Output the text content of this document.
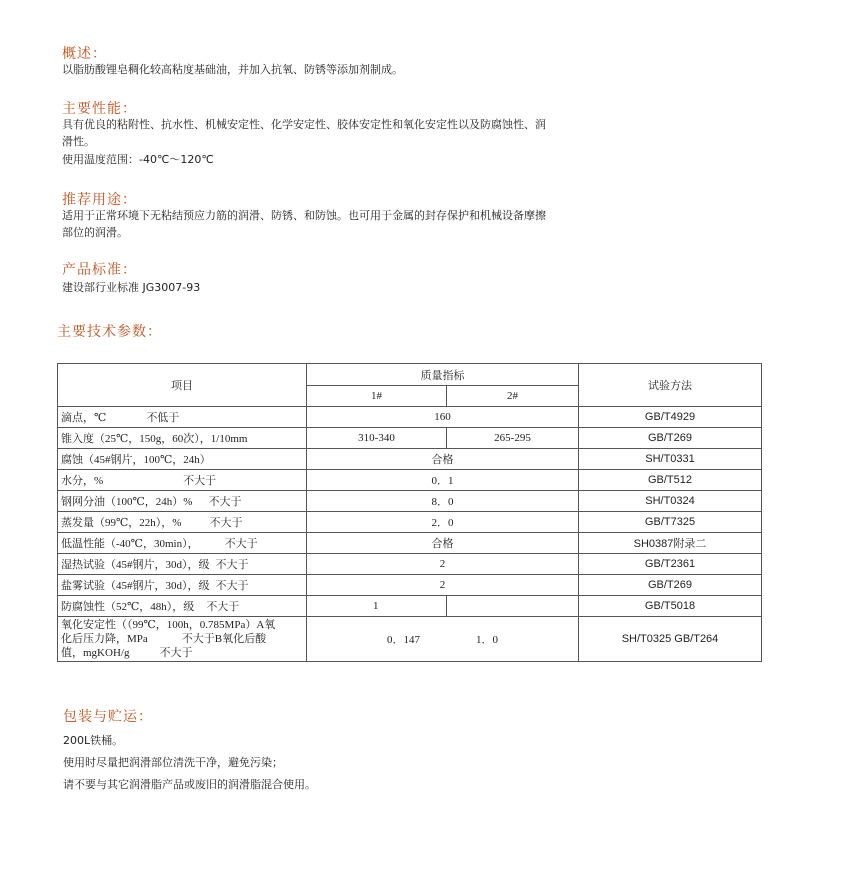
概述：

以脂肪酸锂皂稠化较高粘度基础油，并加入抗氧、防锈等添加剂制成。

主要性能：

具有优良的粘附性、抗水性、机械安定性、化学安定性、胶体安定性和氧化安定性以及防腐蚀性、润

滑性。

使用温度范围：-40℃～120℃

推荐用途：

适用于正常环境下无粘结预应力筋的润滑、防锈、和防蚀。也可用于金属的封存保护和机械设备摩擦

部位的润滑。

产品标准：

建设部行业标准 JG3007-93

主要技术参数：
项目	质量指标		试验方法
	1#	2#	
滴点，℃ 不低于	160		GB/T4929
锥入度（25℃，150g，60次），1/10mm	310-340	265-295	GB/T269
腐蚀（45#钢片，100℃，24h）	合格		SH/T0331
水分，% 不大于	0．1		GB/T512
钢网分油（100℃，24h）% 不大于	8．0		SH/T0324
蒸发量（99℃，22h），% 不大于	2．0		GB/T7325
低温性能（-40℃，30min）， 不大于	合格		SH0387附录二
湿热试验（45#钢片，30d），级 不大于	2		GB/T2361
盐雾试验（45#钢片，30d），级 不大于	2		GB/T269
防腐蚀性（52℃，48h），级 不大于	1		GB/T5018

氧化安定性（（99℃，100h，0.785MPa）A氧
化后压力降，MPa 不大于B氧化后酸
值，mgKOH/g 不大于	0．147 1．0		SH/T0325 GB/T264
包装与贮运：

200L铁桶。

使用时尽量把润滑部位清洗干净，避免污染；

请不要与其它润滑脂产品或废旧的润滑脂混合使用。
